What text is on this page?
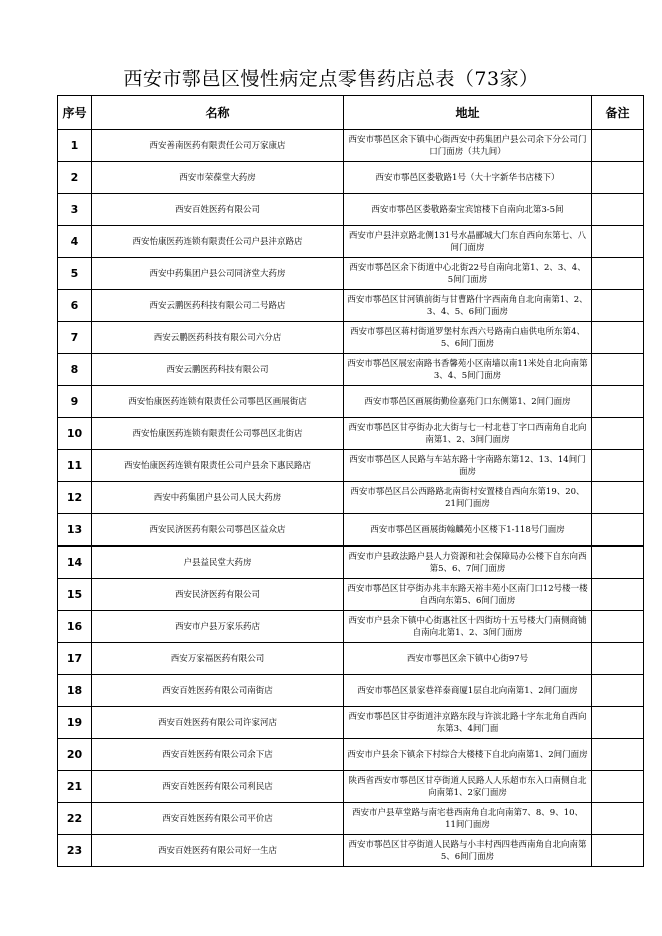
西安市鄠邑区慢性病定点零售药店总表（73家）
序号	名称	地址	备注
1	西安善南医药有限责任公司万家康店	西安市鄠邑区余下镇中心街西安中药集团户县公司余下分公司门口门面房（共九间）	
2	西安市荣葆堂大药房	西安市鄠邑区娄敬路1号（大十字新华书店楼下）	
3	西安百姓医药有限公司	西安市鄠邑区娄敬路秦宝宾馆楼下自南向北第3-5间	
4	西安怡康医药连锁有限责任公司户县沣京路店	西安市户县沣京路北侧131号水晶郦城大门东自西向东第七、八间门面房	
5	西安中药集团户县公司同济堂大药房	西安市鄠邑区余下街道中心北街22号自南向北第1、2、3、4、5间门面房	
6	西安云鹏医药科技有限公司二号路店	西安市鄠邑区甘河镇前街与甘曹路什字西南角自北向南第1、2、3、4、5、6间门面房	
7	西安云鹏医药科技有限公司六分店	西安市鄠邑区蒋村街道罗堡村东西六号路南白庙供电所东第4、5、6间门面房	
8	西安云鹏医药科技有限公司	西安市鄠邑区展宏南路书香馨苑小区南墙以南11米处自北向南第3、4、5间门面房	
9	西安怡康医药连锁有限责任公司鄠邑区画展街店	西安市鄠邑区画展街勤俭嘉苑门口东侧第1、2间门面房	
10	西安怡康医药连锁有限责任公司鄠邑区北街店	西安市鄠邑区甘亭街办北大街与七一村北巷丁字口西南角自北向南第1、2、3间门面房	
11	西安怡康医药连锁有限责任公司户县余下惠民路店	西安市鄠邑区人民路与车站东路十字南路东第12、13、14间门面房	
12	西安中药集团户县公司人民大药房	西安市鄠邑区吕公西路路北南街村安置楼自西向东第19、20、21间门面房	
13	西安民济医药有限公司鄠邑区益众店	西安市鄠邑区画展街翰麟苑小区楼下1-118号门面房	
14	户县益民堂大药房	西安市户县政法路户县人力资源和社会保障局办公楼下自东向西第5、6、7间门面房	
15	西安民济医药有限公司	西安市鄠邑区甘亭街办兆丰东路天裕丰苑小区南门口12号楼一楼自西向东第5、6间门面房	
16	西安市户县万家乐药店	西安市户县余下镇中心街惠社区十四街坊十五号楼大门南侧商铺自南向北第1、2、3间门面房	
17	西安万家福医药有限公司	西安市鄠邑区余下镇中心街97号	
18	西安百姓医药有限公司南街店	西安市鄠邑区景家巷祥泰商厦1层自北向南第1、2间门面房	
19	西安百姓医药有限公司许家河店	西安市鄠邑区甘亭街道沣京路东段与许滨北路十字东北角自西向东第3、4间门面	
20	西安百姓医药有限公司余下店	西安市户县余下镇余下村综合大楼楼下自北向南第1、2间门面房	
21	西安百姓医药有限公司利民店	陕西省西安市鄠邑区甘亭街道人民路人人乐超市东入口南侧自北向南第1、2家门面房	
22	西安百姓医药有限公司平价店	西安市户县草堂路与南宅巷西南角自北向南第7、8、9、10、11间门面房	
23	西安百姓医药有限公司好一生店	西安市鄠邑区甘亭街道人民路与小丰村西四巷西南角自北向南第5、6间门面房	
